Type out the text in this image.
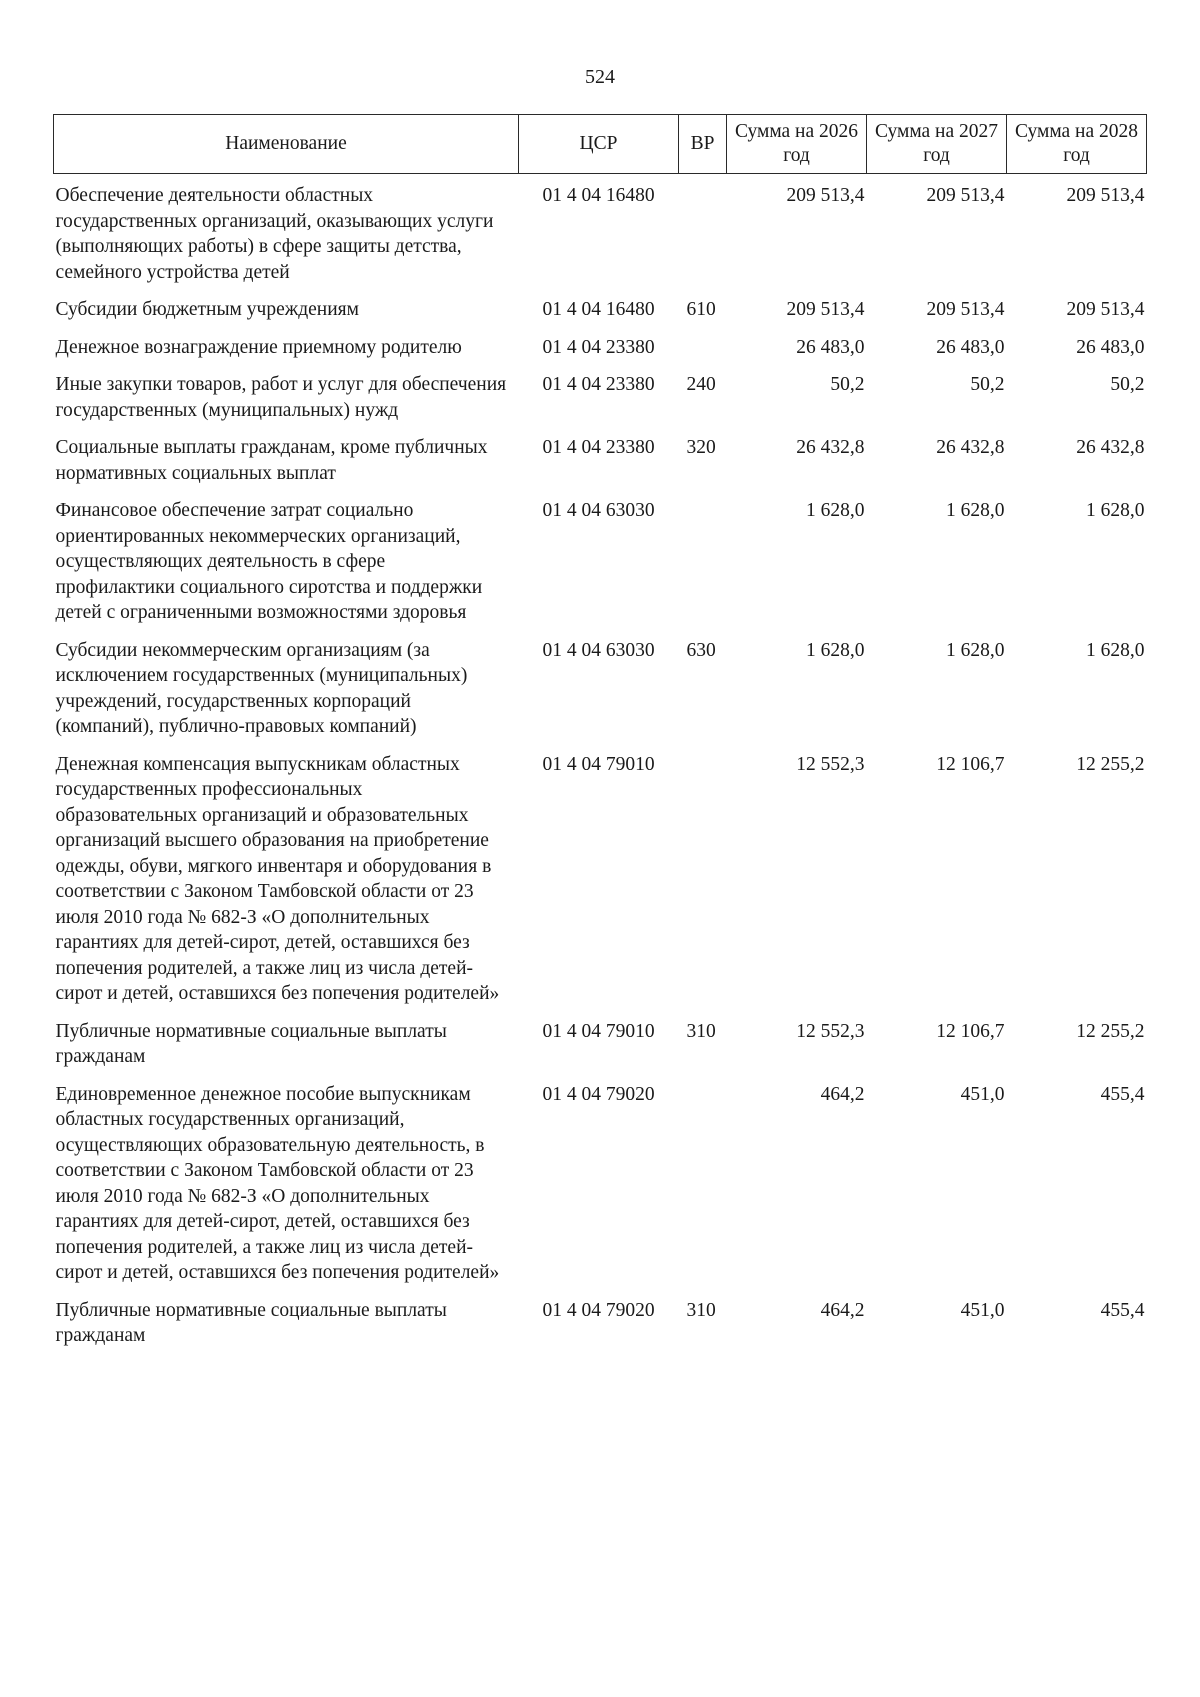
524
Наименование	ЦСР	ВР	Сумма на 2026 год	Сумма на 2027 год	Сумма на 2028 год
Обеспечение деятельности областных государственных организаций, оказывающих услуги (выполняющих работы) в сфере защиты детства, семейного устройства детей	01 4 04 16480		209 513,4	209 513,4	209 513,4
Субсидии бюджетным учреждениям	01 4 04 16480	610	209 513,4	209 513,4	209 513,4
Денежное вознаграждение приемному родителю	01 4 04 23380		26 483,0	26 483,0	26 483,0
Иные закупки товаров, работ и услуг для обеспечения государственных (муниципальных) нужд	01 4 04 23380	240	50,2	50,2	50,2
Социальные выплаты гражданам, кроме публичных нормативных социальных выплат	01 4 04 23380	320	26 432,8	26 432,8	26 432,8
Финансовое обеспечение затрат социально ориентированных некоммерческих организаций, осуществляющих деятельность в сфере профилактики социального сиротства и поддержки детей с ограниченными возможностями здоровья	01 4 04 63030		1 628,0	1 628,0	1 628,0
Субсидии некоммерческим организациям (за исключением государственных (муниципальных) учреждений, государственных корпораций (компаний), публично-правовых компаний)	01 4 04 63030	630	1 628,0	1 628,0	1 628,0
Денежная компенсация выпускникам областных государственных профессиональных образовательных организаций и образовательных организаций высшего образования на приобретение одежды, обуви, мягкого инвентаря и оборудования в соответствии с Законом Тамбовской области от 23 июля 2010 года № 682-З «О дополнительных гарантиях для детей-сирот, детей, оставшихся без попечения родителей, а также лиц из числа детей-сирот и детей, оставшихся без попечения родителей»	01 4 04 79010		12 552,3	12 106,7	12 255,2
Публичные нормативные социальные выплаты гражданам	01 4 04 79010	310	12 552,3	12 106,7	12 255,2
Единовременное денежное пособие выпускникам областных государственных организаций, осуществляющих образовательную деятельность, в соответствии с Законом Тамбовской области от 23 июля 2010 года № 682-З «О дополнительных гарантиях для детей-сирот, детей, оставшихся без попечения родителей, а также лиц из числа детей-сирот и детей, оставшихся без попечения родителей»	01 4 04 79020		464,2	451,0	455,4
Публичные нормативные социальные выплаты гражданам	01 4 04 79020	310	464,2	451,0	455,4
